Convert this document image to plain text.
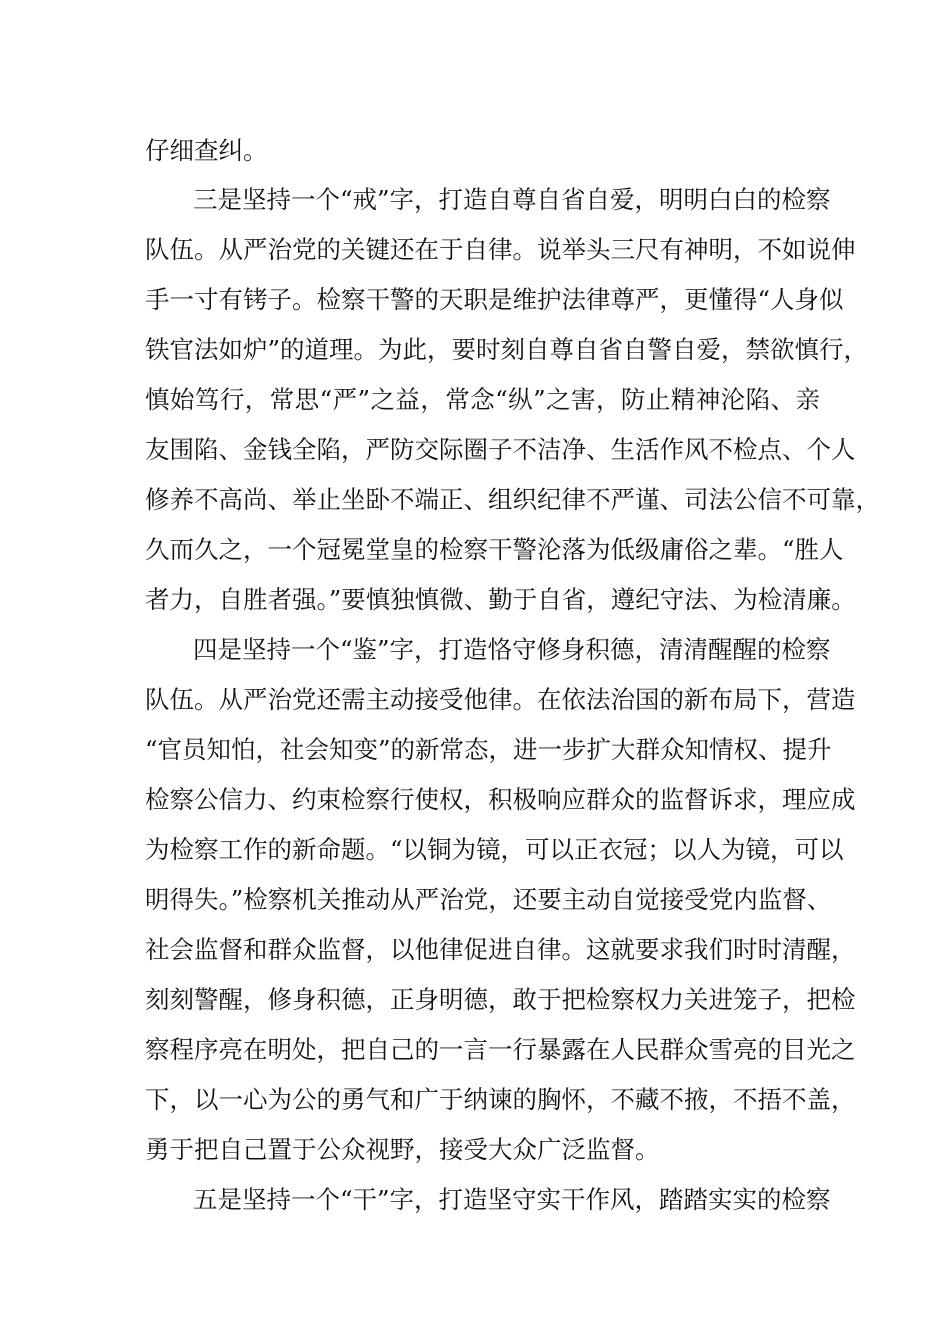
仔细查纠。
三是坚持一个“戒”字，打造自尊自省自爱，明明白白的检察
队伍。从严治党的关键还在于自律。说举头三尺有神明，不如说伸
手一寸有铐子。检察干警的天职是维护法律尊严，更懂得“人身似
铁官法如炉”的道理。为此，要时刻自尊自省自警自爱，禁欲慎行，
慎始笃行，常思“严”之益，常念“纵”之害，防止精神沦陷、亲
友围陷、金钱全陷，严防交际圈子不洁净、生活作风不检点、个人
修养不高尚、举止坐卧不端正、组织纪律不严谨、司法公信不可靠，
久而久之，一个冠冕堂皇的检察干警沦落为低级庸俗之辈。“胜人
者力，自胜者强。”要慎独慎微、勤于自省，遵纪守法、为检清廉。
四是坚持一个“鉴”字，打造恪守修身积德，清清醒醒的检察
队伍。从严治党还需主动接受他律。在依法治国的新布局下，营造
“官员知怕，社会知变”的新常态，进一步扩大群众知情权、提升
检察公信力、约束检察行使权，积极响应群众的监督诉求，理应成
为检察工作的新命题。“以铜为镜，可以正衣冠；以人为镜，可以
明得失。”检察机关推动从严治党，还要主动自觉接受党内监督、
社会监督和群众监督，以他律促进自律。这就要求我们时时清醒，
刻刻警醒，修身积德，正身明德，敢于把检察权力关进笼子，把检
察程序亮在明处，把自己的一言一行暴露在人民群众雪亮的目光之
下，以一心为公的勇气和广于纳谏的胸怀，不藏不掖，不捂不盖，
勇于把自己置于公众视野，接受大众广泛监督。
五是坚持一个“干”字，打造坚守实干作风，踏踏实实的检察
